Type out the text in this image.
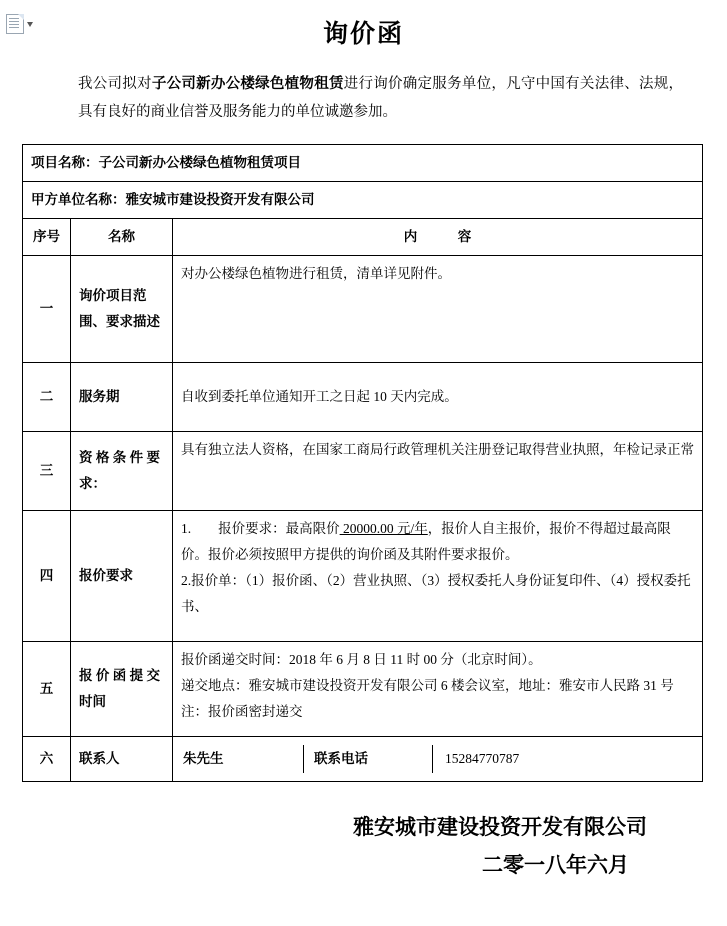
询价函
我公司拟对子公司新办公楼绿色植物租赁进行询价确定服务单位，凡守中国有关法律、法规，具有良好的商业信誉及服务能力的单位诚邀参加。
项目名称：子公司新办公楼绿色植物租赁项目		
甲方单位名称：雅安城市建设投资开发有限公司		
序号	名称	内　　　容
一	询价项目范围、要求描述	对办公楼绿色植物进行租赁，清单详见附件。
二	服务期	自收到委托单位通知开工之日起 10 天内完成。
三	资 格 条 件 要求：	具有独立法人资格，在国家工商局行政管理机关注册登记取得营业执照，年检记录正常
四	报价要求	1.　　报价要求：最高限价 20000.00 元/年，报价人自主报价，报价不得超过最高限价。报价必须按照甲方提供的询价函及其附件要求报价。

2.报价单：（1）报价函、（2）营业执照、（3）授权委托人身份证复印件、（4）授权委托书、

五	报 价 函 提 交时间	报价函递交时间：2018 年 6 月 8 日 11 时 00 分（北京时间）。

递交地点：雅安城市建设投资开发有限公司 6 楼会议室，地址：雅安市人民路 31 号

注：报价函密封递交

六	联系人	朱先生 联系电话 15284770787
雅安城市建设投资开发有限公司
二零一八年六月
